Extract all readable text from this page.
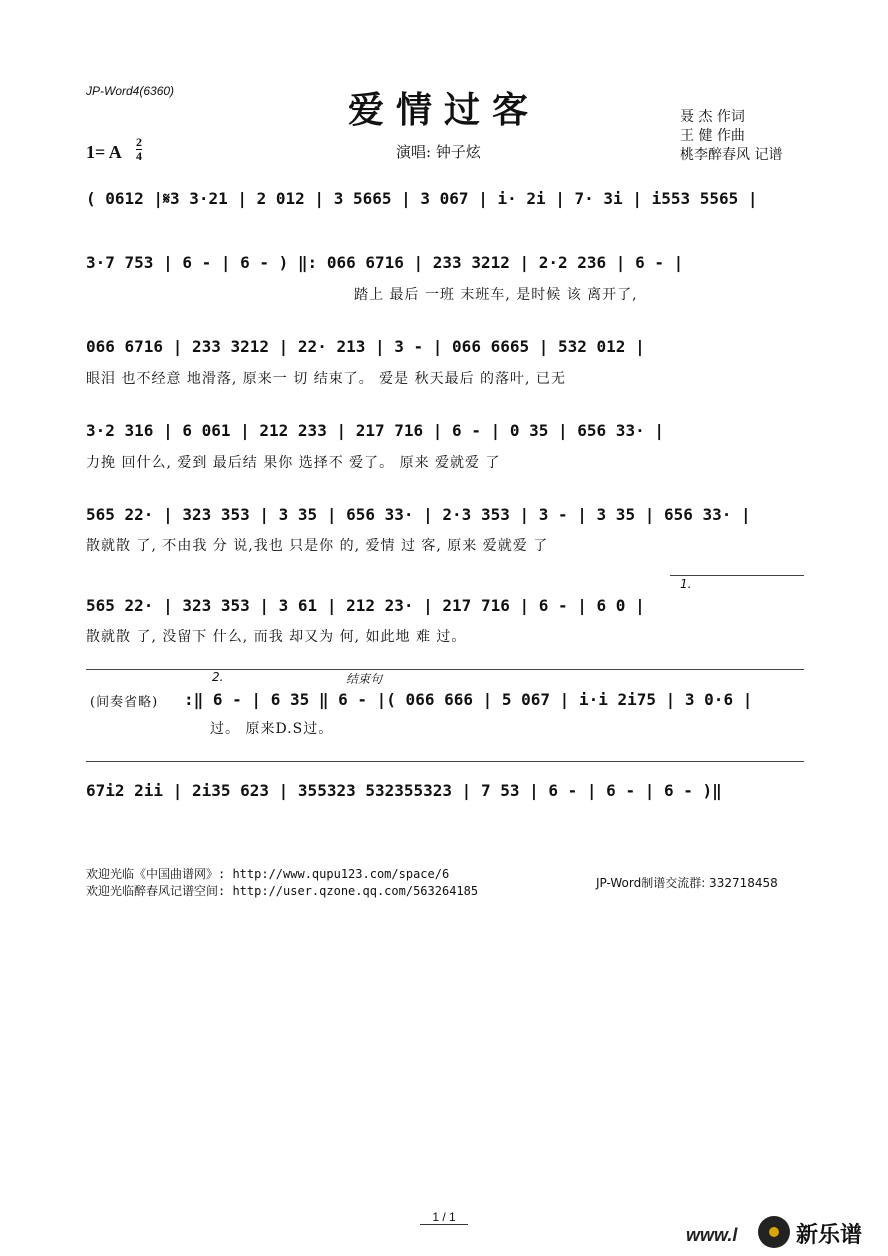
JP-Word4(6360)	爱情过客
1= A 2
4	演唱: 钟子炫
聂 杰 作词
王 健 作曲
桃李醉春风 记谱
( 0612 |𝄋3 3·21 | 2 012 | 3 5665 | 3 067 | i· 2i | 7· 3i | i553 5565 |
3·7 753 | 6 - | 6 - ) ‖: 066 6716 | 233 3212 | 2·2 236 | 6 - |
踏上 最后 一班 末班车, 是时候 该 离开了,
066 6716 | 233 3212 | 22· 213 | 3 - | 066 6665 | 532 012 |
眼泪 也不经意 地滑落, 原来一 切 结束了。 爱是 秋天最后 的落叶, 已无
3·2 316 | 6 061 | 212 233 | 217 716 | 6 - | 0 35 | 656 33· |
力挽 回什么, 爱到 最后结 果你 选择不 爱了。 原来 爱就爱 了
565 22· | 323 353 | 3 35 | 656 33· | 2·3 353 | 3 - | 3 35 | 656 33· |
散就散 了, 不由我 分 说,我也 只是你 的, 爱情 过 客, 原来 爱就爱 了
1.
565 22· | 323 353 | 3 61 | 212 23· | 217 716 | 6 - | 6 0 |
散就散 了, 没留下 什么, 而我 却又为 何, 如此地 难 过。
2.	结束句
(间奏省略) :‖ 6 - | 6 35 ‖ 6 - |( 066 666 | 5 067 | i·i 2i75 | 3 0·6 |
过。 原来D.S过。
67i2 2ii | 2i35 623 | 355323 532355323 | 7 53 | 6 - | 6 - | 6 - )‖
欢迎光临《中国曲谱网》: http://www.qupu123.com/space/6
欢迎光临醉春风记谱空间: http://user.qzone.qq.com/563264185
JP-Word制谱交流群: 332718458
1 / 1
www.l	新乐谱
